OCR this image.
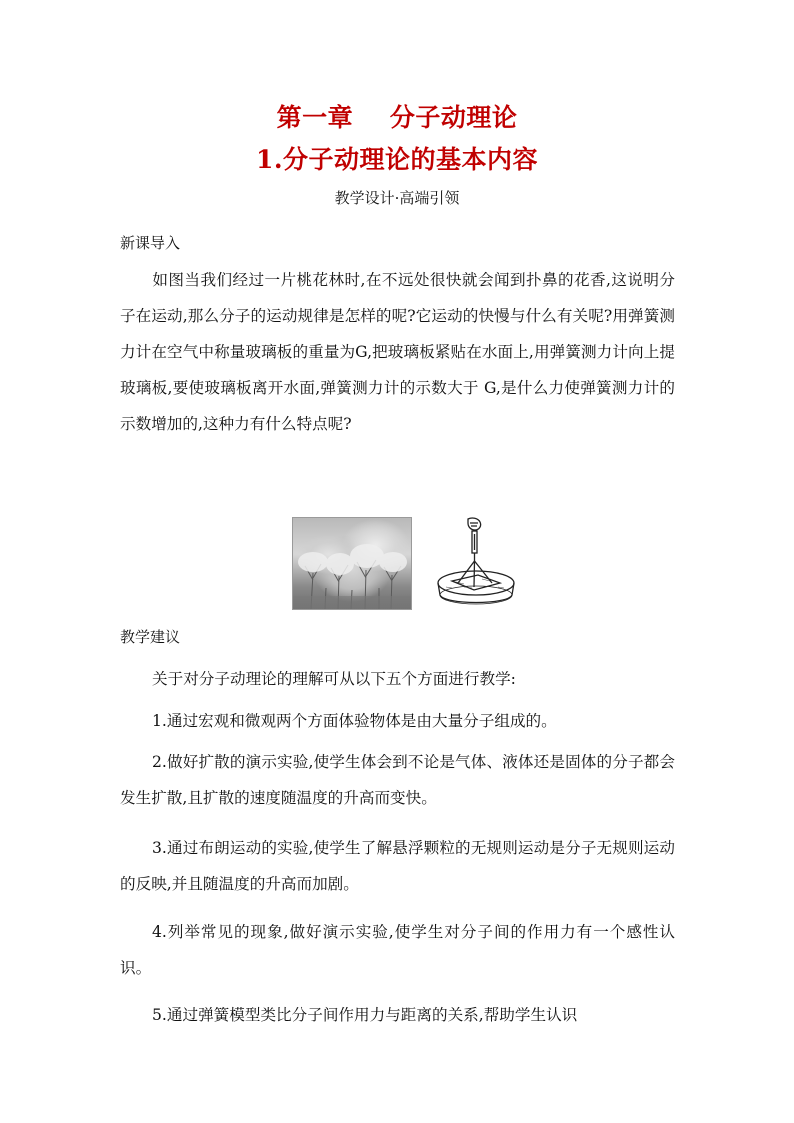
第一章    分子动理论
1.分子动理论的基本内容
教学设计·高端引领
新课导入
如图当我们经过一片桃花林时,在不远处很快就会闻到扑鼻的花香,这说明分子在运动,那么分子的运动规律是怎样的呢?它运动的快慢与什么有关呢?用弹簧测力计在空气中称量玻璃板的重量为G,把玻璃板紧贴在水面上,用弹簧测力计向上提玻璃板,要使玻璃板离开水面,弹簧测力计的示数大于 G,是什么力使弹簧测力计的示数增加的,这种力有什么特点呢?
教学建议
关于对分子动理论的理解可从以下五个方面进行教学:
1.通过宏观和微观两个方面体验物体是由大量分子组成的。
2.做好扩散的演示实验,使学生体会到不论是气体、液体还是固体的分子都会发生扩散,且扩散的速度随温度的升高而变快。
3.通过布朗运动的实验,使学生了解悬浮颗粒的无规则运动是分子无规则运动的反映,并且随温度的升高而加剧。
4.列举常见的现象,做好演示实验,使学生对分子间的作用力有一个感性认识。
5.通过弹簧模型类比分子间作用力与距离的关系,帮助学生认识
